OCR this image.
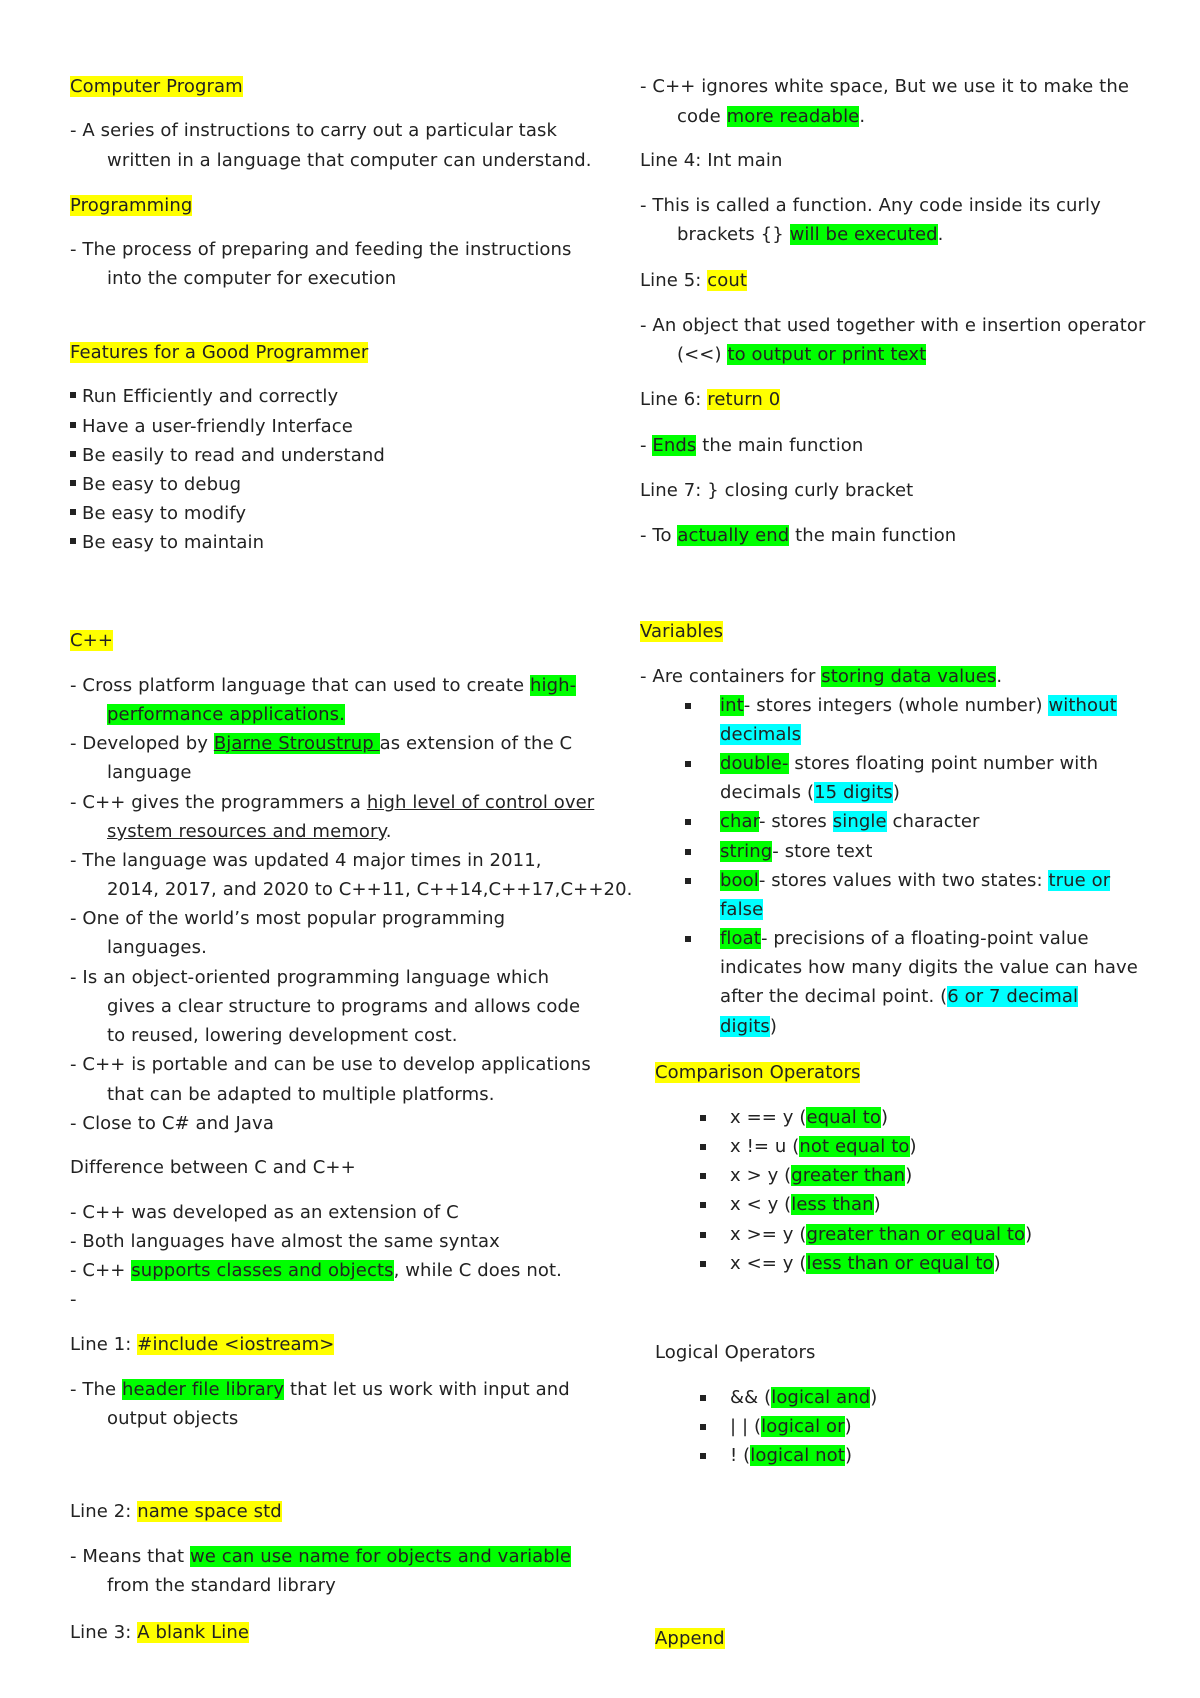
Computer Program
- A series of instructions to carry out a particular task
written in a language that computer can understand.
Programming
- The process of preparing and feeding the instructions
into the computer for execution
Features for a Good Programmer
Run Efficiently and correctly
Have a user-friendly Interface
Be easily to read and understand
Be easy to debug
Be easy to modify
Be easy to maintain
C++
- Cross platform language that can used to create high-
performance applications.
- Developed by Bjarne Stroustrup as extension of the C
language
- C++ gives the programmers a high level of control over
system resources and memory.
- The language was updated 4 major times in 2011,
2014, 2017, and 2020 to C++11, C++14,C++17,C++20.
- One of the world’s most popular programming
languages.
- Is an object-oriented programming language which
gives a clear structure to programs and allows code
to reused, lowering development cost.
- C++ is portable and can be use to develop applications
that can be adapted to multiple platforms.
- Close to C# and Java
Difference between C and C++
- C++ was developed as an extension of C
- Both languages have almost the same syntax
- C++ supports classes and objects, while C does not.
-
Line 1: #include <iostream>
- The header file library that let us work with input and
output objects
Line 2: name space std
- Means that we can use name for objects and variable
from the standard library
Line 3: A blank Line
- C++ ignores white space, But we use it to make the
code more readable.
Line 4: Int main
- This is called a function. Any code inside its curly
brackets {} will be executed.
Line 5: cout
- An object that used together with e insertion operator
(<<) to output or print text
Line 6: return 0
- Ends the main function
Line 7: } closing curly bracket
- To actually end the main function
Variables
- Are containers for storing data values.
int- stores integers (whole number) without
decimals
double- stores floating point number with
decimals (15 digits)
char- stores single character
string- store text
bool- stores values with two states: true or
false
float- precisions of a floating-point value
indicates how many digits the value can have
after the decimal point. (6 or 7 decimal
digits)
Comparison Operators
x == y (equal to)
x != u (not equal to)
x > y (greater than)
x < y (less than)
x >= y (greater than or equal to)
x <= y (less than or equal to)
Logical Operators
&& (logical and)
| | (logical or)
! (logical not)
Append
